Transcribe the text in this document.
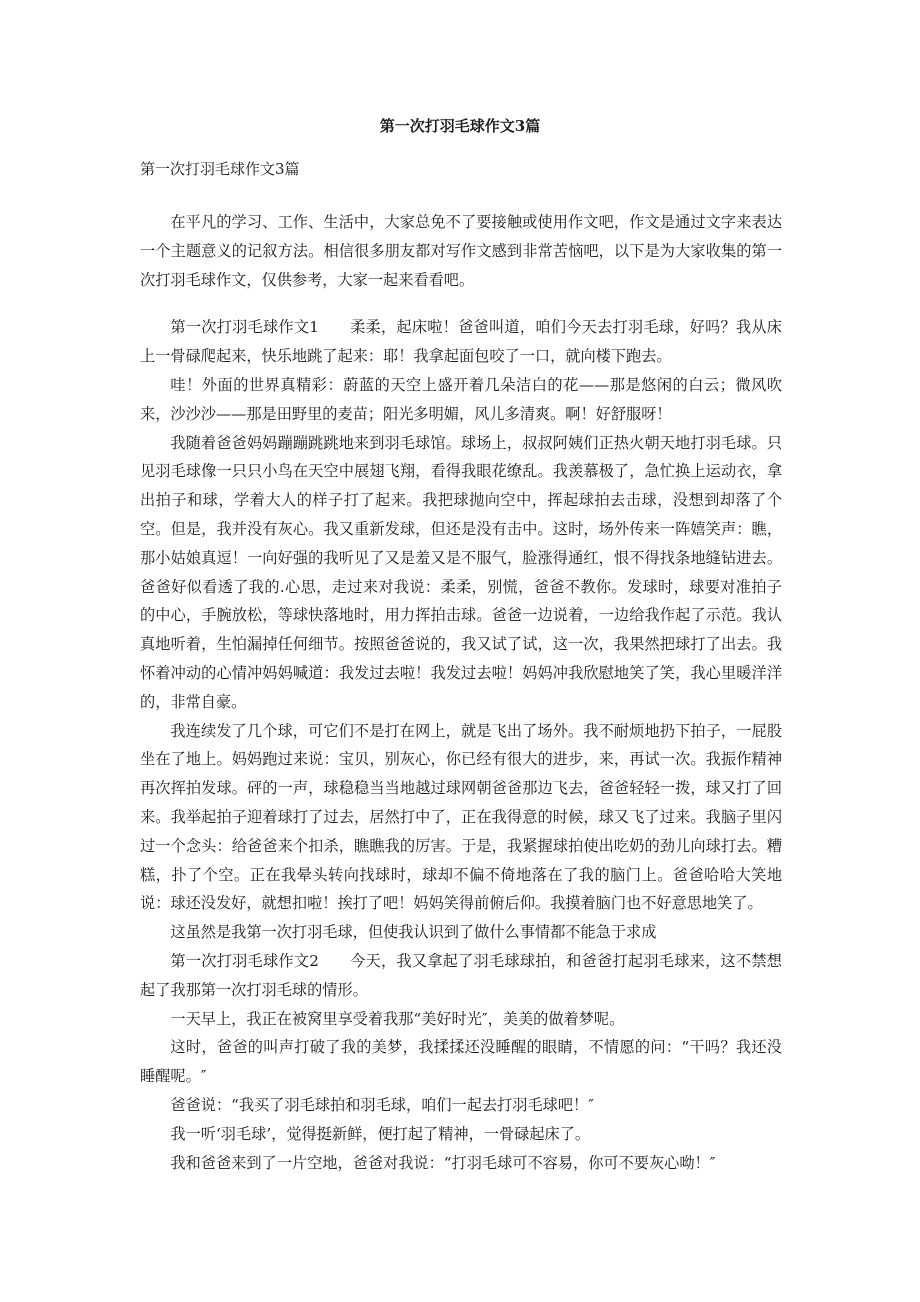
第一次打羽毛球作文3篇
第一次打羽毛球作文3篇

在平凡的学习、工作、生活中，大家总免不了要接触或使用作文吧，作文是通过文字来表达一个主题意义的记叙方法。相信很多朋友都对写作文感到非常苦恼吧，以下是为大家收集的第一次打羽毛球作文，仅供参考，大家一起来看看吧。

第一次打羽毛球作文1　　柔柔，起床啦！爸爸叫道，咱们今天去打羽毛球，好吗？我从床上一骨碌爬起来，快乐地跳了起来：耶！我拿起面包咬了一口，就向楼下跑去。

哇！外面的世界真精彩：蔚蓝的天空上盛开着几朵洁白的花——那是悠闲的白云；微风吹来，沙沙沙——那是田野里的麦苗；阳光多明媚，风儿多清爽。啊！好舒服呀！

我随着爸爸妈妈蹦蹦跳跳地来到羽毛球馆。球场上，叔叔阿姨们正热火朝天地打羽毛球。只见羽毛球像一只只小鸟在天空中展翅飞翔，看得我眼花缭乱。我羡慕极了，急忙换上运动衣，拿出拍子和球，学着大人的样子打了起来。我把球抛向空中，挥起球拍去击球，没想到却落了个空。但是，我并没有灰心。我又重新发球，但还是没有击中。这时，场外传来一阵嬉笑声：瞧，那小姑娘真逗！一向好强的我听见了又是羞又是不服气，脸涨得通红，恨不得找条地缝钻进去。爸爸好似看透了我的.心思，走过来对我说：柔柔，别慌，爸爸不教你。发球时，球要对准拍子的中心，手腕放松，等球快落地时，用力挥拍击球。爸爸一边说着，一边给我作起了示范。我认真地听着，生怕漏掉任何细节。按照爸爸说的，我又试了试，这一次，我果然把球打了出去。我怀着冲动的心情冲妈妈喊道：我发过去啦！我发过去啦！妈妈冲我欣慰地笑了笑，我心里暖洋洋的，非常自豪。

我连续发了几个球，可它们不是打在网上，就是飞出了场外。我不耐烦地扔下拍子，一屁股坐在了地上。妈妈跑过来说：宝贝，别灰心，你已经有很大的进步，来，再试一次。我振作精神再次挥拍发球。砰的一声，球稳稳当当地越过球网朝爸爸那边飞去，爸爸轻轻一拨，球又打了回来。我举起拍子迎着球打了过去，居然打中了，正在我得意的时候，球又飞了过来。我脑子里闪过一个念头：给爸爸来个扣杀，瞧瞧我的厉害。于是，我紧握球拍使出吃奶的劲儿向球打去。糟糕，扑了个空。正在我晕头转向找球时，球却不偏不倚地落在了我的脑门上。爸爸哈哈大笑地说：球还没发好，就想扣啦！挨打了吧！妈妈笑得前俯后仰。我摸着脑门也不好意思地笑了。

这虽然是我第一次打羽毛球，但使我认识到了做什么事情都不能急于求成

第一次打羽毛球作文2　　今天，我又拿起了羽毛球球拍，和爸爸打起羽毛球来，这不禁想起了我那第一次打羽毛球的情形。

一天早上，我正在被窝里享受着我那“美好时光″，美美的做着梦呢。

这时，爸爸的叫声打破了我的美梦，我揉揉还没睡醒的眼睛，不情愿的问：“干吗？我还没睡醒呢。″

爸爸说：“我买了羽毛球拍和羽毛球，咱们一起去打羽毛球吧！″

我一听‘羽毛球’，觉得挺新鲜，便打起了精神，一骨碌起床了。

我和爸爸来到了一片空地，爸爸对我说：“打羽毛球可不容易，你可不要灰心呦！″
